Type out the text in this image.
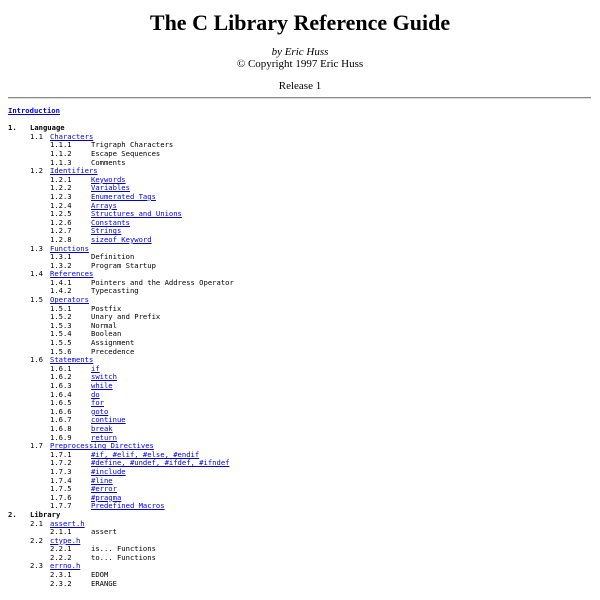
The C Library Reference Guide
by Eric Huss
© Copyright 1997 Eric Huss
Release 1
Introduction
1. Language
1.1 Characters
1.1.1	Trigraph Characters
1.1.2	Escape Sequences
1.1.3	Comments
1.2 Identifiers
1.2.1	Keywords
1.2.2	Variables
1.2.3	Enumerated Tags
1.2.4	Arrays
1.2.5	Structures and Unions
1.2.6	Constants
1.2.7	Strings
1.2.8	sizeof Keyword
1.3 Functions
1.3.1	Definition
1.3.2	Program Startup
1.4 References
1.4.1	Pointers and the Address Operator
1.4.2	Typecasting
1.5 Operators
1.5.1	Postfix
1.5.2	Unary and Prefix
1.5.3	Normal
1.5.4	Boolean
1.5.5	Assignment
1.5.6	Precedence
1.6 Statements
1.6.1	if
1.6.2	switch
1.6.3	while
1.6.4	do
1.6.5	for
1.6.6	goto
1.6.7	continue
1.6.8	break
1.6.9	return
1.7 Preprocessing Directives
1.7.1	#if, #elif, #else, #endif
1.7.2	#define, #undef, #ifdef, #ifndef
1.7.3	#include
1.7.4	#line
1.7.5	#error
1.7.6	#pragma
1.7.7	Predefined Macros
2. Library
2.1 assert.h
2.1.1	assert
2.2 ctype.h
2.2.1	is... Functions
2.2.2	to... Functions
2.3 errno.h
2.3.1	EDOM
2.3.2	ERANGE
